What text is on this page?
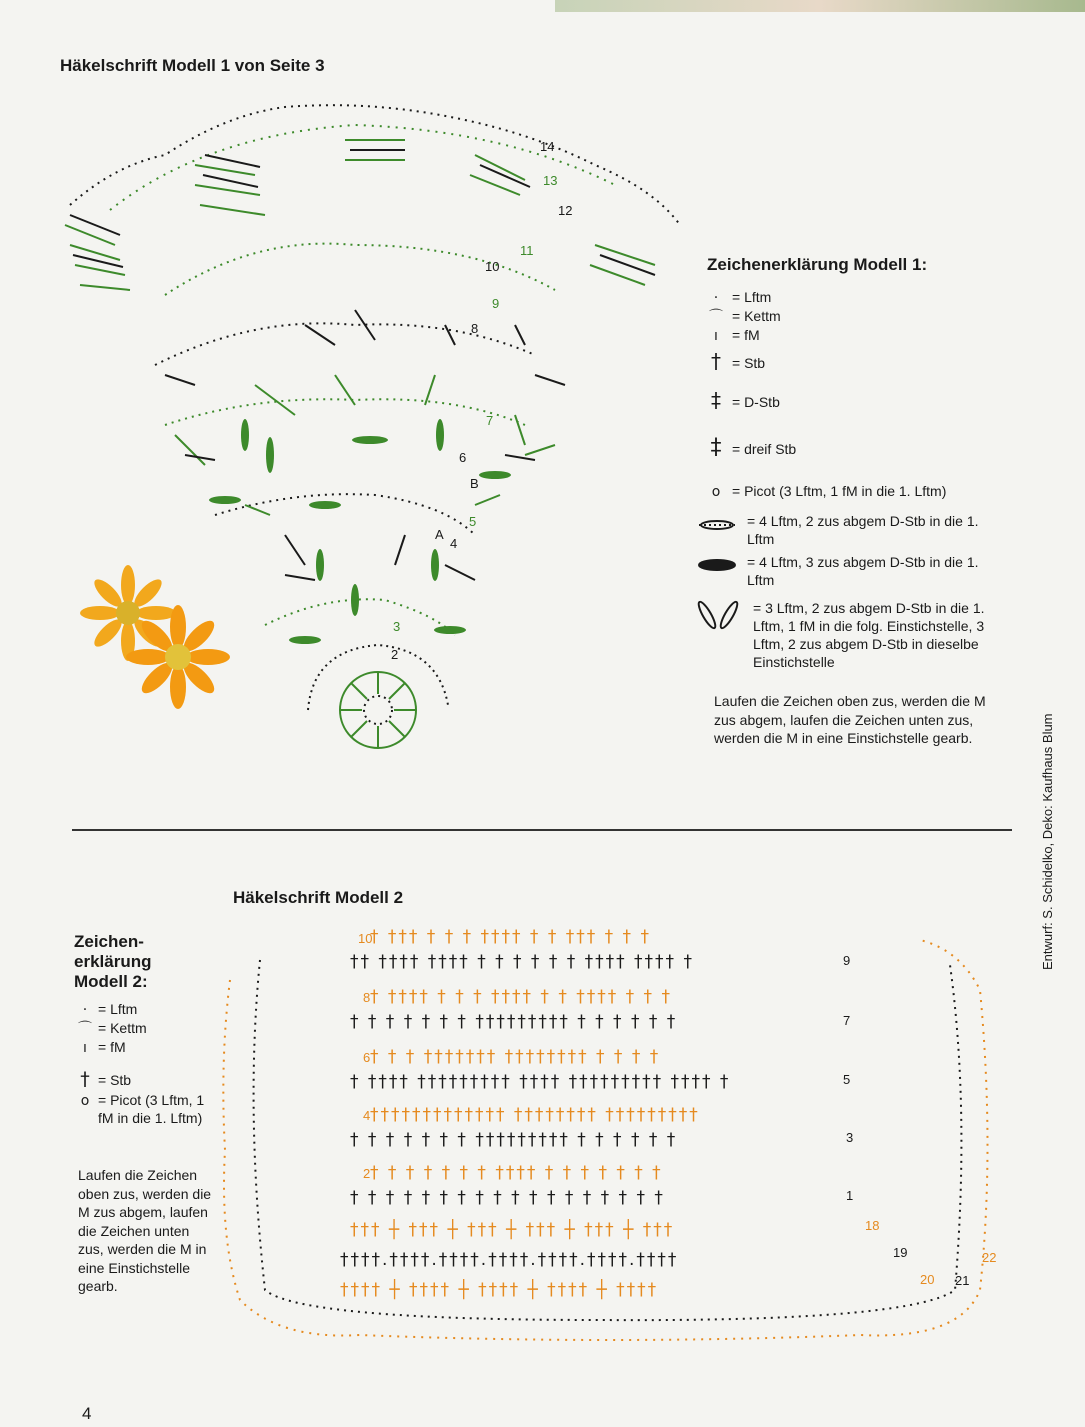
Häkelschrift Modell 1 von Seite 3
14
13
12
11
10
9
8
7
6
5
4
3
2
A
B
Zeichenerklärung Modell 1:
· = Lftm
⌒ = Kettm
ı = fM
† = Stb
‡ = D-Stb
‡ = dreif Stb
o = Picot (3 Lftm, 1 fM in die 1. Lftm)
= 4 Lftm, 2 zus abgem D-Stb in die 1. Lftm
= 4 Lftm, 3 zus abgem D-Stb in die 1. Lftm
= 3 Lftm, 2 zus abgem D-Stb in die 1. Lftm, 1 fM in die folg. Einstichstelle, 3 Lftm, 2 zus abgem D-Stb in dieselbe Einstichstelle
Laufen die Zeichen oben zus, werden die M zus abgem, laufen die Zeichen unten zus, werden die M in eine Einstichstelle gearb.	Entwurf: S. Schidelko, Deko: Kaufhaus Blum
Häkelschrift Modell 2
Zeichen-
erklärung
Modell 2:
· = Lftm
⌒ = Kettm
ı = fM
† = Stb
o = Picot (3 Lftm, 1 fM in die 1. Lftm)
Laufen die Zeichen oben zus, werden die M zus abgem, laufen die Zeichen unten zus, werden die M in eine Einstichstelle gearb.
† ††† † † † †††† † † ††† † † †
†† †††† †††† † † † † † † †††† †††† †
† †††† † † † †††† † † †††† † † †
† † † † † † † ††††††††† † † † † † †
† † † ††††††† †††††††† † † † †
† †††† ††††††††† †††† ††††††††† †††† †
††††††††††††† †††††††† †††††††††
† † † † † † † ††††††††† † † † † † †
† † † † † † † †††† † † † † † † †
† † † † † † † † † † † † † † † † † †
††† ┼ ††† ┼ ††† ┼ ††† ┼ ††† ┼ †††
††††.††††.††††.††††.††††.††††.††††
†††† ┼ †††† ┼ †††† ┼ †††† ┼ ††††
10
9
8
7
6
5
4
3
2
1
18
19
20 21
22
4
